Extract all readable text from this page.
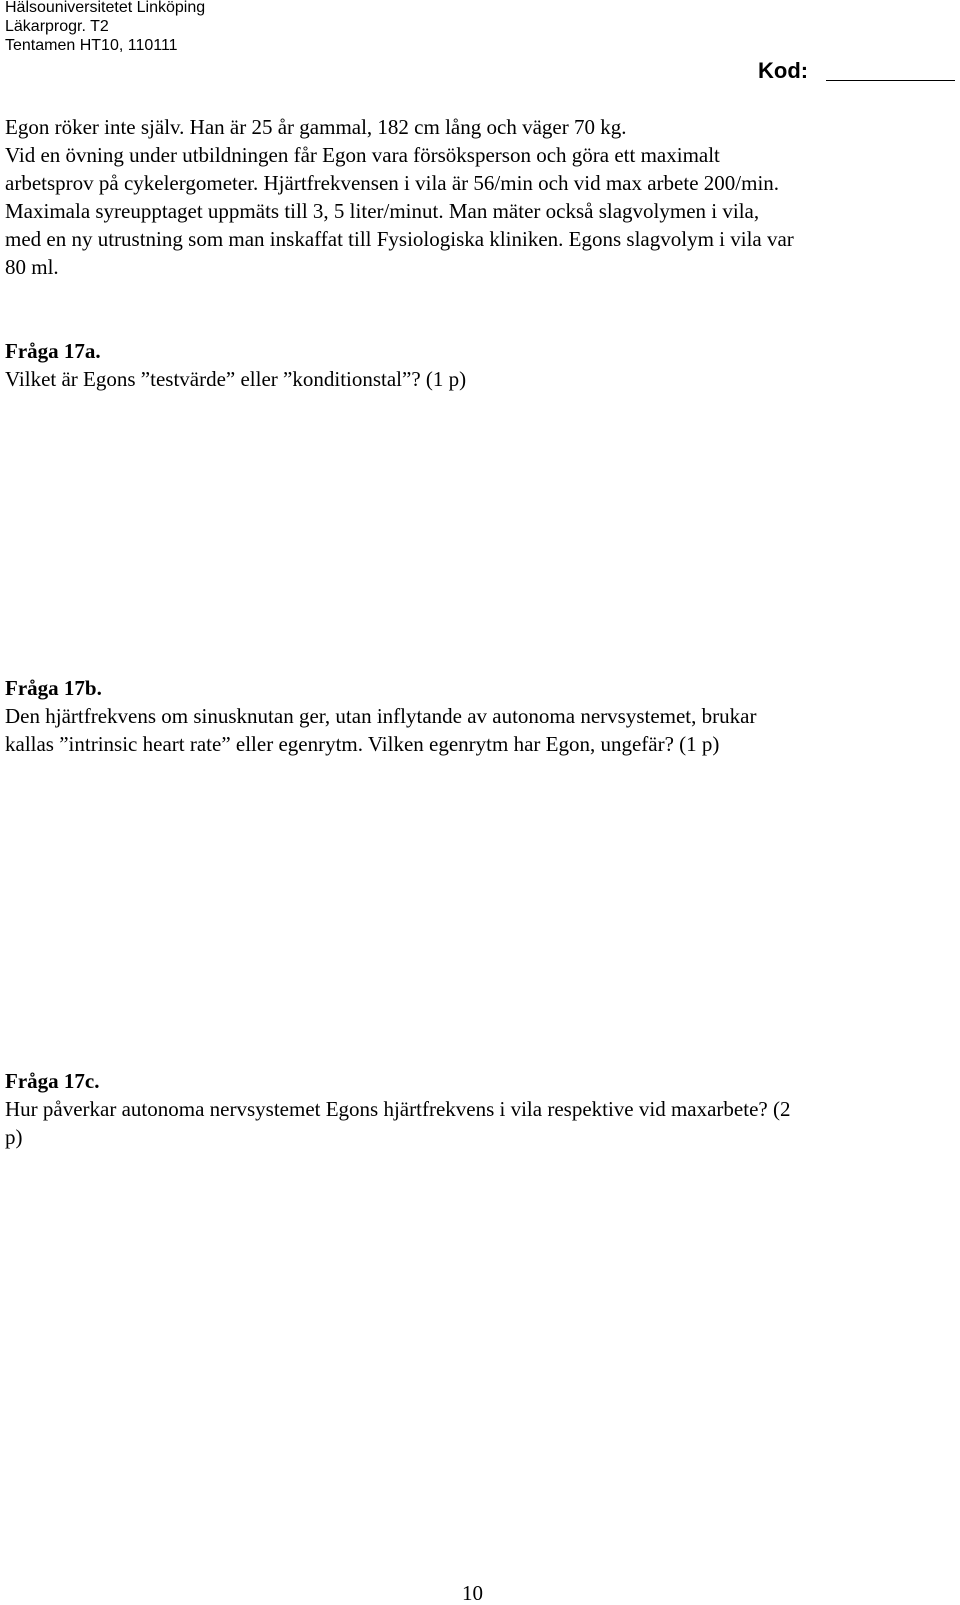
Hälsouniversitetet Linköping
Läkarprogr. T2
Tentamen HT10, 110111
Kod:
Egon röker inte själv. Han är 25 år gammal, 182 cm lång och väger 70 kg.
Vid en övning under utbildningen får Egon vara försöksperson och göra ett maximalt
arbetsprov på cykelergometer. Hjärtfrekvensen i vila är 56/min och vid max arbete 200/min.
Maximala syreupptaget uppmäts till 3, 5 liter/minut. Man mäter också slagvolymen i vila,
med en ny utrustning som man inskaffat till Fysiologiska kliniken. Egons slagvolym i vila var
80 ml.
Fråga 17a.
Vilket är Egons ”testvärde” eller ”konditionstal”? (1 p)
Fråga 17b.
Den hjärtfrekvens om sinusknutan ger, utan inflytande av autonoma nervsystemet, brukar
kallas ”intrinsic heart rate” eller egenrytm. Vilken egenrytm har Egon, ungefär? (1 p)
Fråga 17c.
Hur påverkar autonoma nervsystemet Egons hjärtfrekvens i vila respektive vid maxarbete? (2
p)
10
